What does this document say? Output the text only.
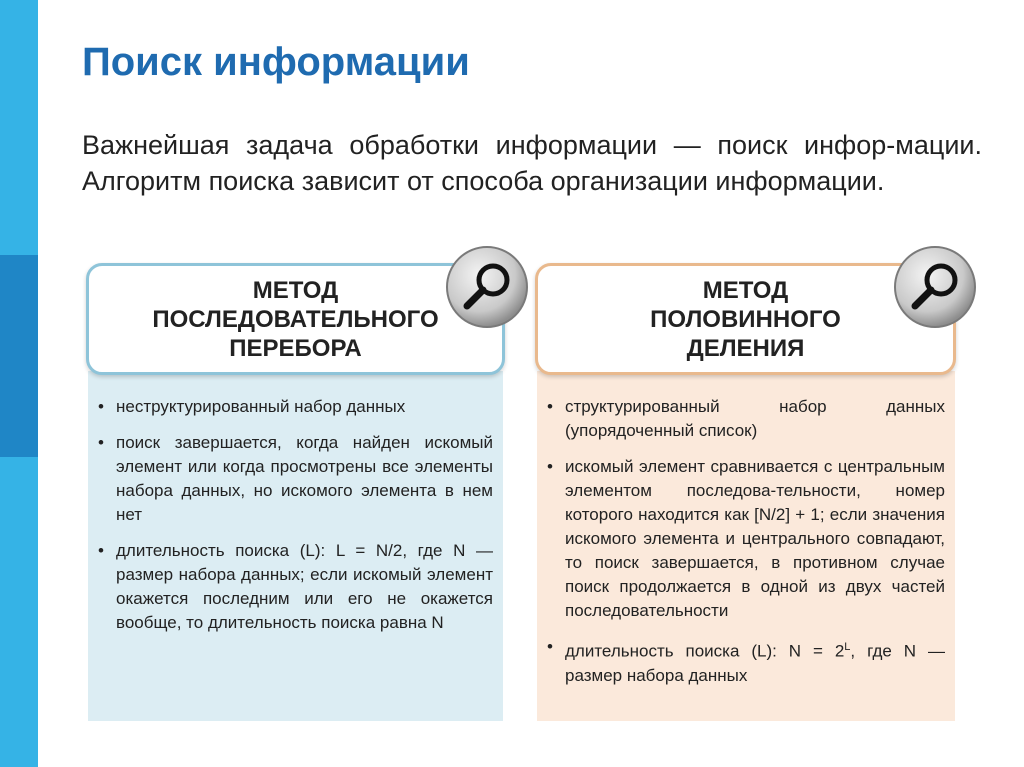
Поиск информации
Важнейшая задача обработки информации — поиск инфор-мации. Алгоритм поиска зависит от способа организации информации.
• неструктурированный набор данных
• поиск завершается, когда найден искомый элемент или когда просмотрены все элементы набора данных, но искомого элемента в нем нет
• длительность поиска (L): L = N/2, где N — размер набора данных; если искомый элемент окажется последним или его не окажется вообще, то длительность поиска равна N
МЕТОД
ПОСЛЕДОВАТЕЛЬНОГО
ПЕРЕБОРА
• структурированный набор данных (упорядоченный список)
• искомый элемент сравнивается с центральным элементом последова-тельности, номер которого находится как [N/2] + 1; если значения искомого элемента и центрального совпадают, то поиск завершается, в противном случае поиск продолжается в одной из двух частей последовательности
• длительность поиска (L): $N = 2^L$, где N — размер набора данных
МЕТОД
ПОЛОВИННОГО
ДЕЛЕНИЯ
